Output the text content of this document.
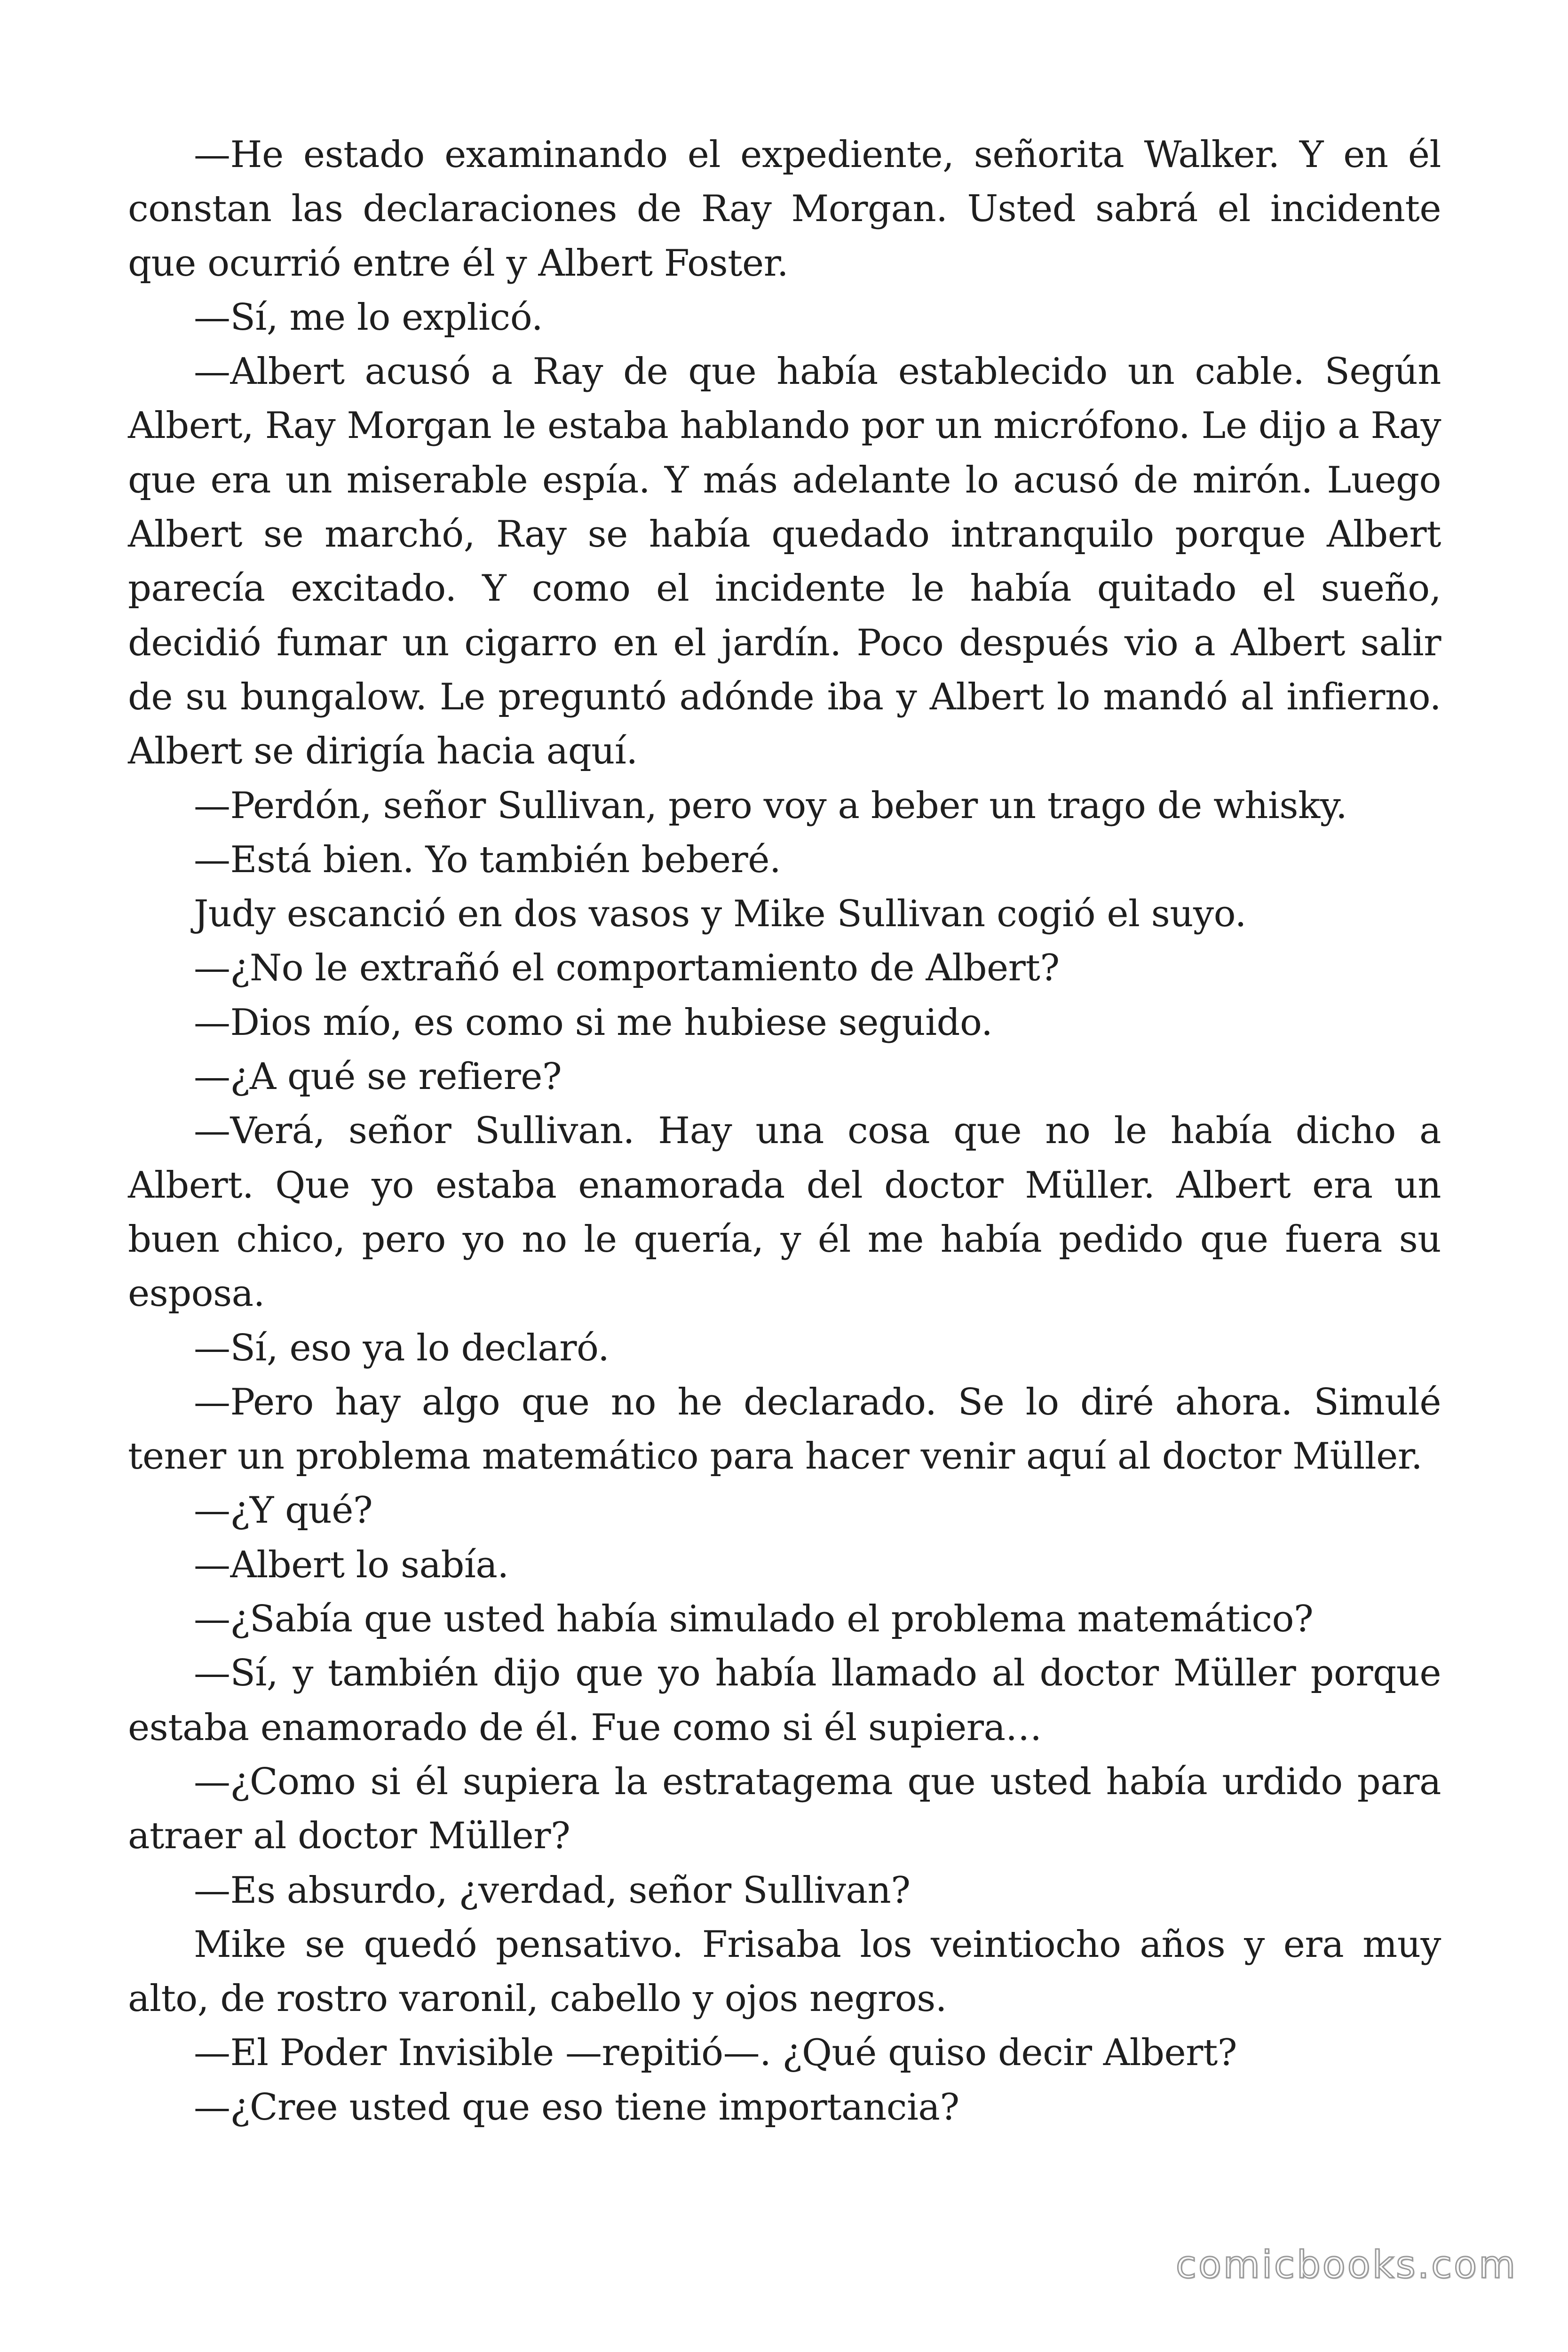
—He estado examinando el expediente, señorita Walker. Y en él constan las declaraciones de Ray Morgan. Usted sabrá el incidente que ocurrió entre él y Albert Foster.

—Sí, me lo explicó.

—Albert acusó a Ray de que había establecido un cable. Según Albert, Ray Morgan le estaba hablando por un micrófono. Le dijo a Ray que era un miserable espía. Y más adelante lo acusó de mirón. Luego Albert se marchó, Ray se había quedado intranquilo porque Albert parecía excitado. Y como el incidente le había quitado el sueño, decidió fumar un cigarro en el jardín. Poco después vio a Albert salir de su bungalow. Le preguntó adónde iba y Albert lo mandó al infierno. Albert se dirigía hacia aquí.

—Perdón, señor Sullivan, pero voy a beber un trago de whisky.

—Está bien. Yo también beberé.

Judy escanció en dos vasos y Mike Sullivan cogió el suyo.

—¿No le extrañó el comportamiento de Albert?

—Dios mío, es como si me hubiese seguido.

—¿A qué se refiere?

—Verá, señor Sullivan. Hay una cosa que no le había dicho a Albert. Que yo estaba enamorada del doctor Müller. Albert era un buen chico, pero yo no le quería, y él me había pedido que fuera su esposa.

—Sí, eso ya lo declaró.

—Pero hay algo que no he declarado. Se lo diré ahora. Simulé tener un problema matemático para hacer venir aquí al doctor Müller.

—¿Y qué?

—Albert lo sabía.

—¿Sabía que usted había simulado el problema matemático?

—Sí, y también dijo que yo había llamado al doctor Müller porque estaba enamorado de él. Fue como si él supiera…

—¿Como si él supiera la estratagema que usted había urdido para atraer al doctor Müller?

—Es absurdo, ¿verdad, señor Sullivan?

Mike se quedó pensativo. Frisaba los veintiocho años y era muy alto, de rostro varonil, cabello y ojos negros.

—El Poder Invisible —repitió—. ¿Qué quiso decir Albert?

—¿Cree usted que eso tiene importancia?

comicbooks.com
